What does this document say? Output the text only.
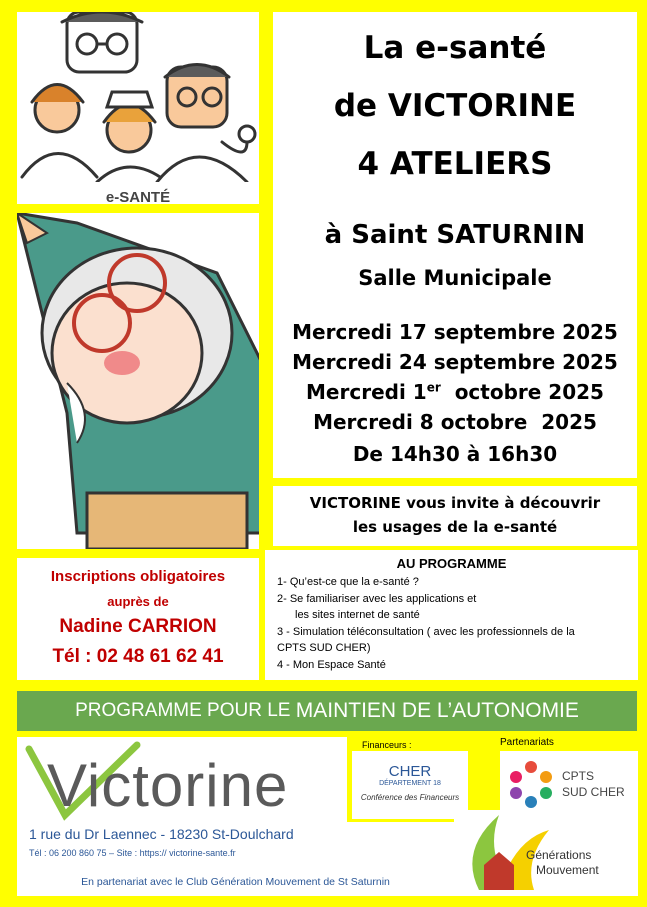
e-SANTÉ
La e-santé
de VICTORINE
4 ATELIERS
à Saint SATURNIN
Salle Municipale
Mercredi 17 septembre 2025
Mercredi 24 septembre 2025
Mercredi 1er  octobre 2025
Mercredi 8 octobre  2025
De 14h30 à 16h30
VICTORINE vous invite à découvrir
les usages de la e-santé
Inscriptions obligatoires
auprès de
Nadine CARRION
Tél : 02 48 61 62 41
AU PROGRAMME
1- Qu’est-ce que la e-santé ?
2- Se familiariser avec les applications et
les sites internet de santé
3 - Simulation téléconsultation ( avec les professionnels de la
CPTS SUD CHER)
4 - Mon Espace Santé
PROGRAMME POUR LE MAINTIEN DE L’AUTONOMIE
Victorine
Financeurs :
CHER
DÉPARTEMENT 18
Conférence des Financeurs
Partenariats
CPTS
SUD CHER
1 rue du Dr Laennec - 18230 St-Doulchard
Tél : 06 200 860 75 – Site : https:// victorine-sante.fr	Générations
Mouvement
En partenariat avec le Club Génération Mouvement de St Saturnin
